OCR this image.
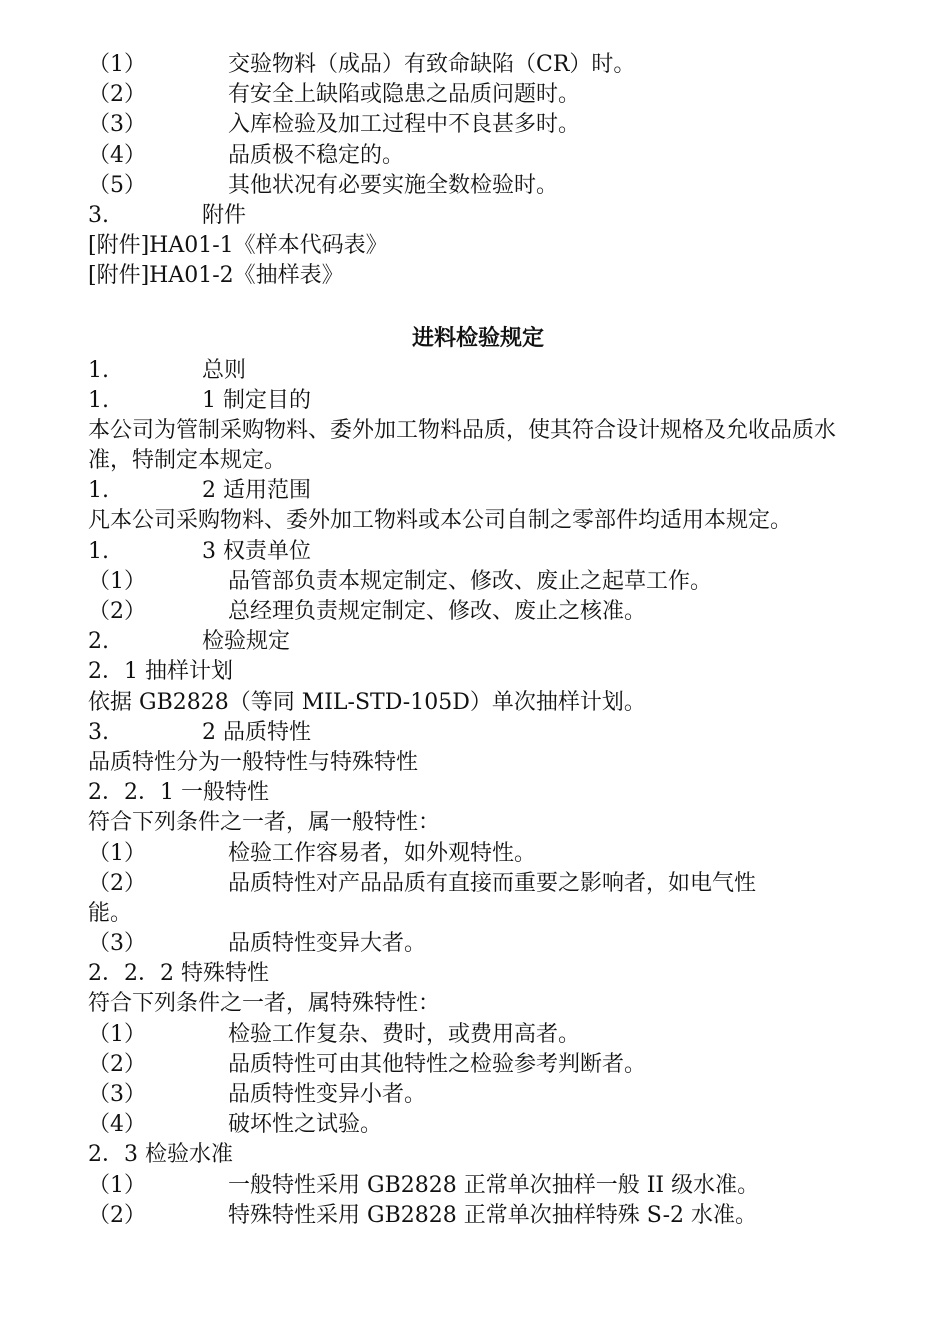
（1）	交验物料（成品）有致命缺陷（CR）时。
（2）	有安全上缺陷或隐患之品质问题时。
（3）	入库检验及加工过程中不良甚多时。
（4）	品质极不稳定的。
（5）	其他状况有必要实施全数检验时。
3.	附件
[附件]HA01-1《样本代码表》
[附件]HA01-2《抽样表》
进料检验规定
1.	总则
1.	1 制定目的
本公司为管制采购物料、委外加工物料品质，使其符合设计规格及允收品质水准，特制定本规定。
1.	2 适用范围
凡本公司采购物料、委外加工物料或本公司自制之零部件均适用本规定。
1.	3 权责单位
（1）	品管部负责本规定制定、修改、废止之起草工作。
（2）	总经理负责规定制定、修改、废止之核准。
2.	检验规定
2．1 抽样计划
依据 GB2828（等同 MIL-STD-105D）单次抽样计划。
3.	2 品质特性
品质特性分为一般特性与特殊特性
2．2．1 一般特性
符合下列条件之一者，属一般特性：
（1）	检验工作容易者，如外观特性。
（2）	品质特性对产品品质有直接而重要之影响者，如电气性
能。
（3）	品质特性变异大者。
2．2．2 特殊特性
符合下列条件之一者，属特殊特性：
（1）	检验工作复杂、费时，或费用高者。
（2）	品质特性可由其他特性之检验参考判断者。
（3）	品质特性变异小者。
（4）	破坏性之试验。
2．3 检验水准
（1）	一般特性采用 GB2828 正常单次抽样一般 II 级水准。
（2）	特殊特性采用 GB2828 正常单次抽样特殊 S-2 水准。
